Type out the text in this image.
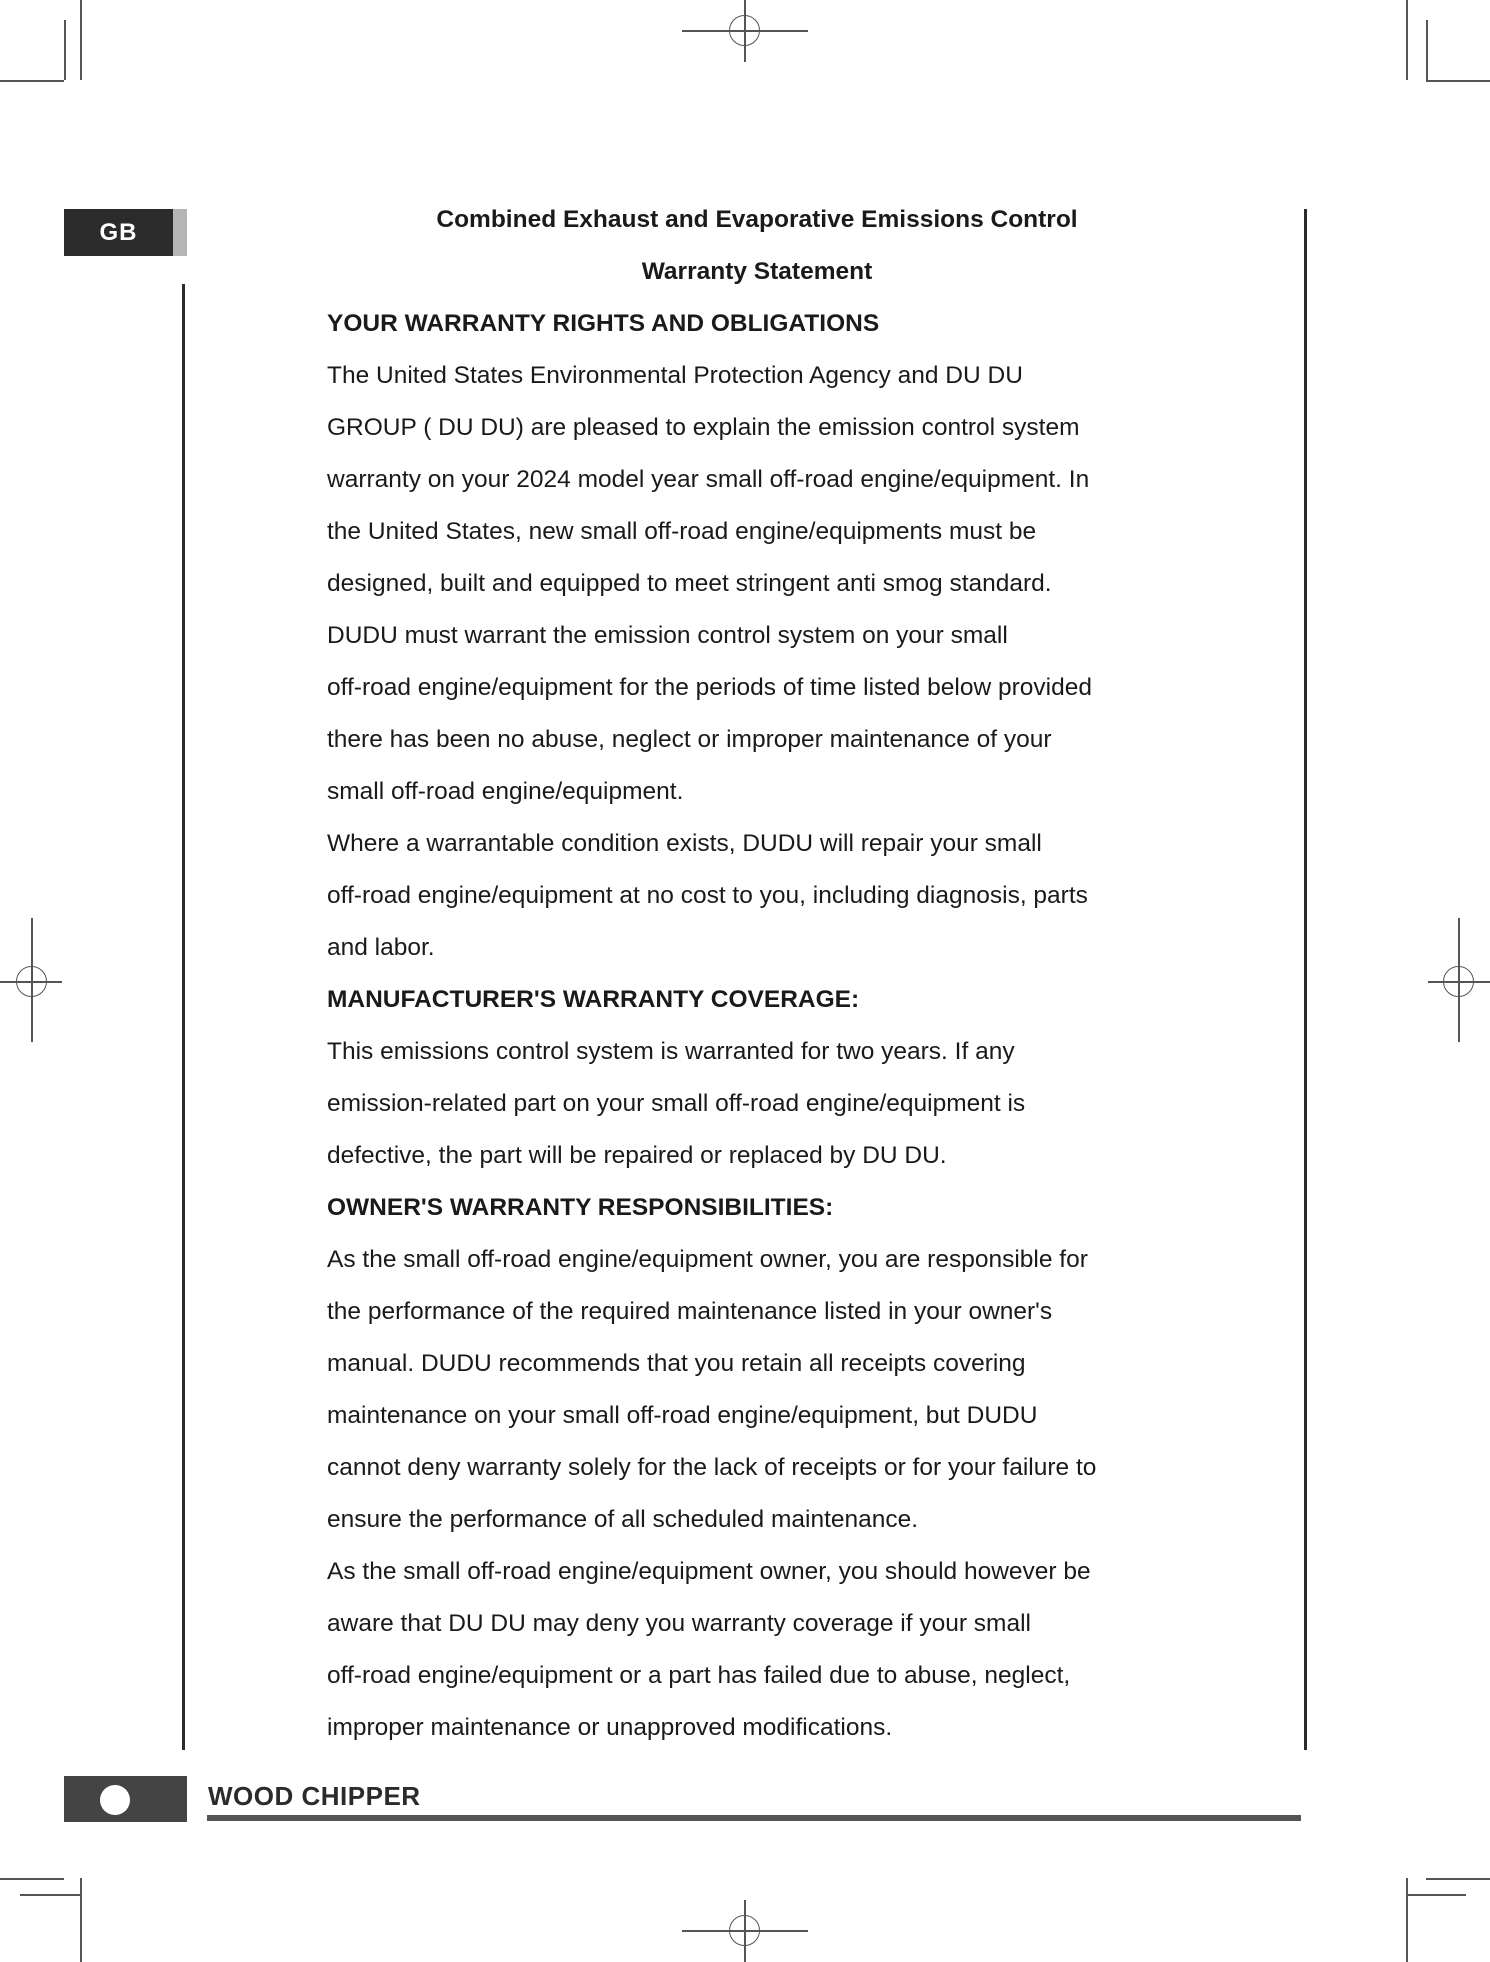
GB	Combined Exhaust and Evaporative Emissions Control

Warranty Statement

YOUR WARRANTY RIGHTS AND OBLIGATIONS

The United States Environmental Protection Agency and DU DU

GROUP ( DU DU) are pleased to explain the emission control system

warranty on your 2024 model year small off-road engine/equipment. In

the United States, new small off-road engine/equipments must be

designed, built and equipped to meet stringent anti smog standard.

DUDU must warrant the emission control system on your small

off-road engine/equipment for the periods of time listed below provided

there has been no abuse, neglect or improper maintenance of your

small off-road engine/equipment.

Where a warrantable condition exists, DUDU will repair your small

off-road engine/equipment at no cost to you, including diagnosis, parts

and labor.

MANUFACTURER'S WARRANTY COVERAGE:

This emissions control system is warranted for two years. If any

emission-related part on your small off-road engine/equipment is

defective, the part will be repaired or replaced by DU DU.

OWNER'S WARRANTY RESPONSIBILITIES:

As the small off-road engine/equipment owner, you are responsible for

the performance of the required maintenance listed in your owner's

manual. DUDU recommends that you retain all receipts covering

maintenance on your small off-road engine/equipment, but DUDU

cannot deny warranty solely for the lack of receipts or for your failure to

ensure the performance of all scheduled maintenance.

As the small off-road engine/equipment owner, you should however be

aware that DU DU may deny you warranty coverage if your small

off-road engine/equipment or a part has failed due to abuse, neglect,

improper maintenance or unapproved modifications.

WOOD CHIPPER
